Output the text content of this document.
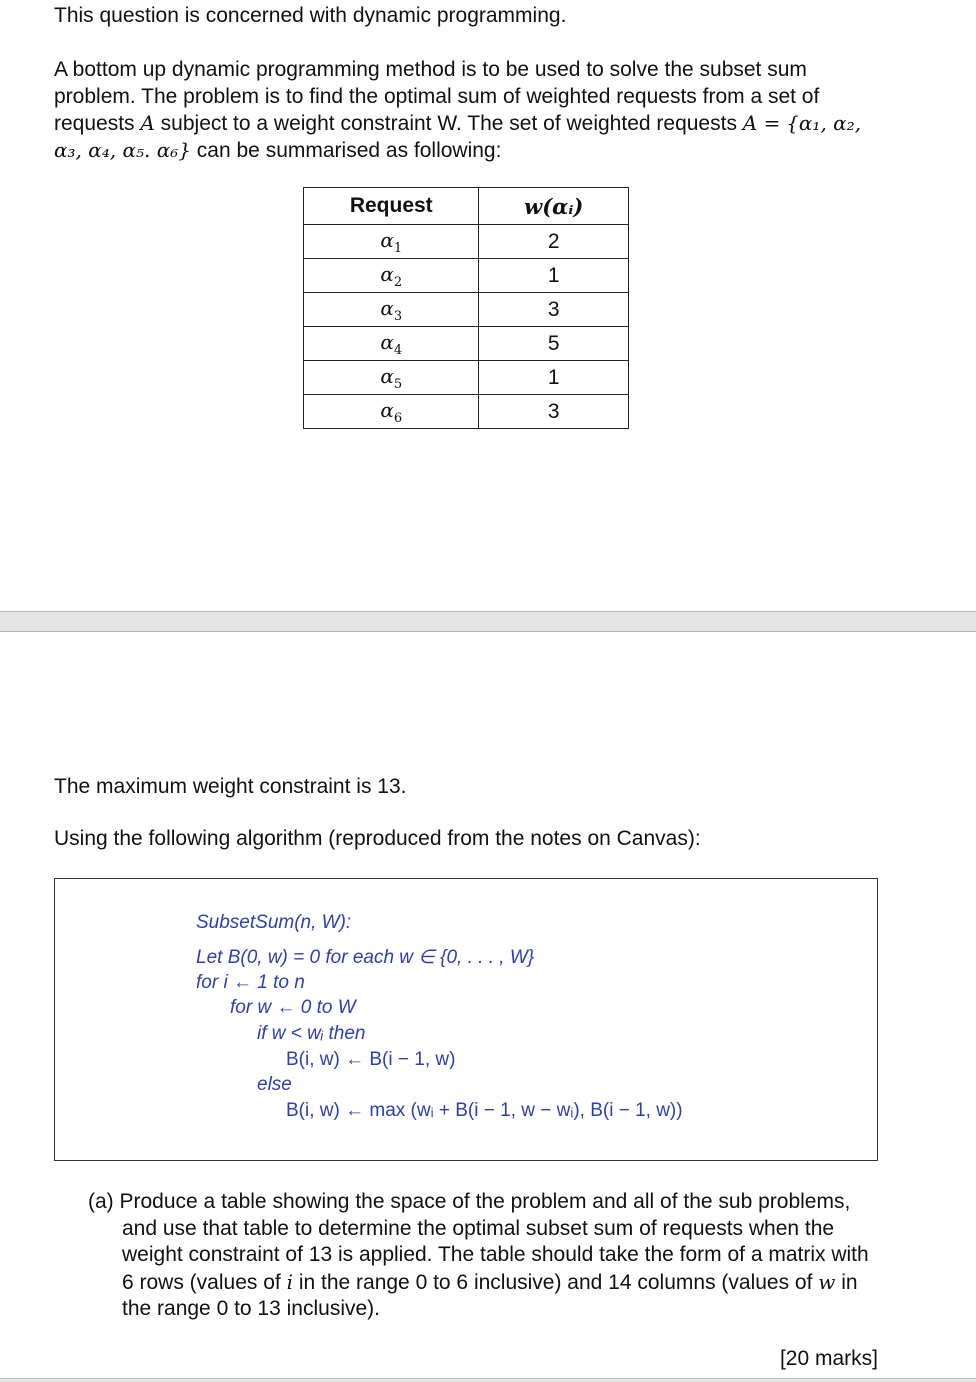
This question is concerned with dynamic programming.

A bottom up dynamic programming method is to be used to solve the subset sum problem. The problem is to find the optimal sum of weighted requests from a set of requests A subject to a weight constraint W. The set of weighted requests A = {α₁, α₂, α₃, α₄, α₅. α₆} can be summarised as following:

Request	w(αᵢ)
$\alpha_1$	2
$\alpha_2$	1
$\alpha_3$	3
$\alpha_4$	5
$\alpha_5$	1
$\alpha_6$	3

The maximum weight constraint is 13.

Using the following algorithm (reproduced from the notes on Canvas):

SubsetSum(n, W):
Let B(0, w) = 0 for each w ∈ {0, . . . , W}
for i ← 1 to n
for w ← 0 to W
if w < wᵢ then
B(i, w) ← B(i − 1, w)
else
B(i, w) ← max (wᵢ + B(i − 1, w − wᵢ), B(i − 1, w))

(a) Produce a table showing the space of the problem and all of the sub problems, and use that table to determine the optimal subset sum of requests when the weight constraint of 13 is applied. The table should take the form of a matrix with 6 rows (values of i in the range 0 to 6 inclusive) and 14 columns (values of w in the range 0 to 13 inclusive).

[20 marks]
